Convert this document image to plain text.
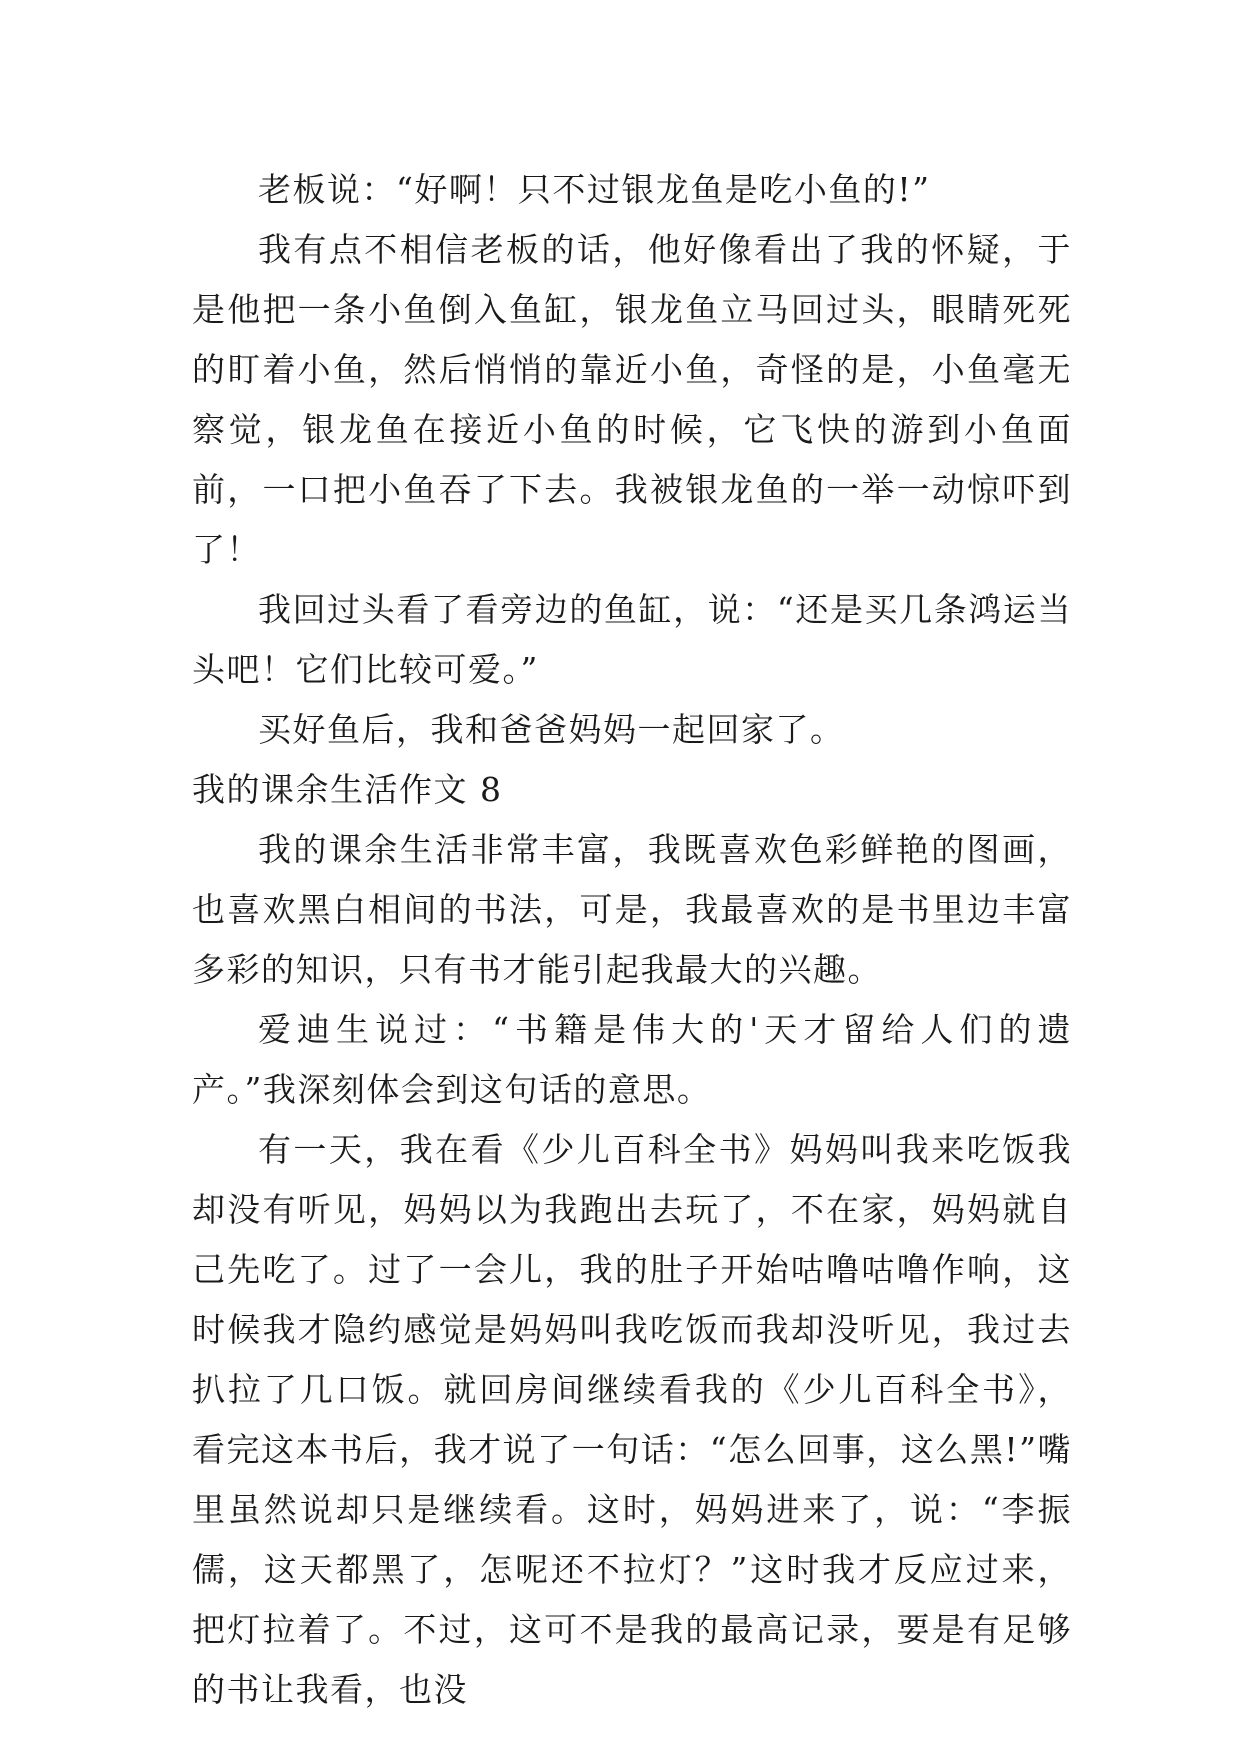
老板说：“好啊！只不过银龙鱼是吃小鱼的!”

我有点不相信老板的话，他好像看出了我的怀疑，于是他把一条小鱼倒入鱼缸，银龙鱼立马回过头，眼睛死死的盯着小鱼，然后悄悄的靠近小鱼，奇怪的是，小鱼毫无察觉，银龙鱼在接近小鱼的时候，它飞快的游到小鱼面前，一口把小鱼吞了下去。我被银龙鱼的一举一动惊吓到了！

我回过头看了看旁边的鱼缸，说：“还是买几条鸿运当头吧！它们比较可爱。”

买好鱼后，我和爸爸妈妈一起回家了。

我的课余生活作文 8

我的课余生活非常丰富，我既喜欢色彩鲜艳的图画，也喜欢黑白相间的书法，可是，我最喜欢的是书里边丰富多彩的知识，只有书才能引起我最大的兴趣。

爱迪生说过：“书籍是伟大的'天才留给人们的遗产。”我深刻体会到这句话的意思。

有一天，我在看《少儿百科全书》妈妈叫我来吃饭我却没有听见，妈妈以为我跑出去玩了，不在家，妈妈就自己先吃了。过了一会儿，我的肚子开始咕噜咕噜作响，这时候我才隐约感觉是妈妈叫我吃饭而我却没听见，我过去扒拉了几口饭。就回房间继续看我的《少儿百科全书》，看完这本书后，我才说了一句话：“怎么回事，这么黑!”嘴里虽然说却只是继续看。这时，妈妈进来了，说：“李振儒，这天都黑了，怎呢还不拉灯？”这时我才反应过来，把灯拉着了。不过，这可不是我的最高记录，要是有足够的书让我看，也没
